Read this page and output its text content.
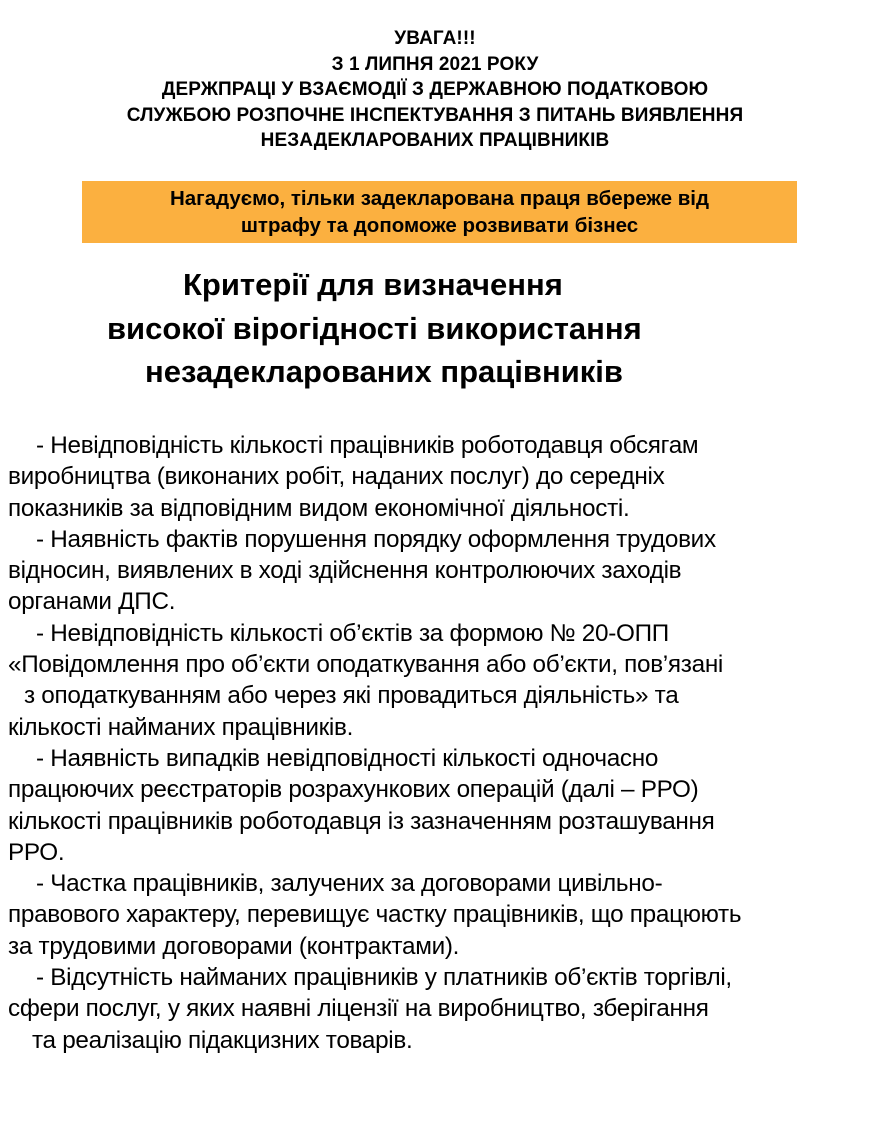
УВАГА!!!
З 1 ЛИПНЯ 2021 РОКУ
ДЕРЖПРАЦІ У ВЗАЄМОДІЇ З ДЕРЖАВНОЮ ПОДАТКОВОЮ
СЛУЖБОЮ РОЗПОЧНЕ ІНСПЕКТУВАННЯ З ПИТАНЬ ВИЯВЛЕННЯ
НЕЗАДЕКЛАРОВАНИХ ПРАЦІВНИКІВ
Нагадуємо, тільки задекларована праця вбереже від
штрафу та допоможе розвивати бізнес
Критерії для визначення
високої вірогідності використання
незадекларованих працівників
- Невідповідність кількості працівників роботодавця обсягам
виробництва (виконаних робіт, наданих послуг) до середніх
показників за відповідним видом економічної діяльності.
- Наявність фактів порушення порядку оформлення трудових
відносин, виявлених в ході здійснення контролюючих заходів
органами ДПС.
- Невідповідність кількості об’єктів за формою № 20-ОПП
«Повідомлення про об’єкти оподаткування або об’єкти, пов’язані
з оподаткуванням або через які провадиться діяльність» та
кількості найманих працівників.
- Наявність випадків невідповідності кількості одночасно
працюючих реєстраторів розрахункових операцій (далі – РРО)
кількості працівників роботодавця із зазначенням розташування
РРО.
- Частка працівників, залучених за договорами цивільно-
правового характеру, перевищує частку працівників, що працюють
за трудовими договорами (контрактами).
- Відсутність найманих працівників у платників об’єктів торгівлі,
сфери послуг, у яких наявні ліцензії на виробництво, зберігання
та реалізацію підакцизних товарів.
